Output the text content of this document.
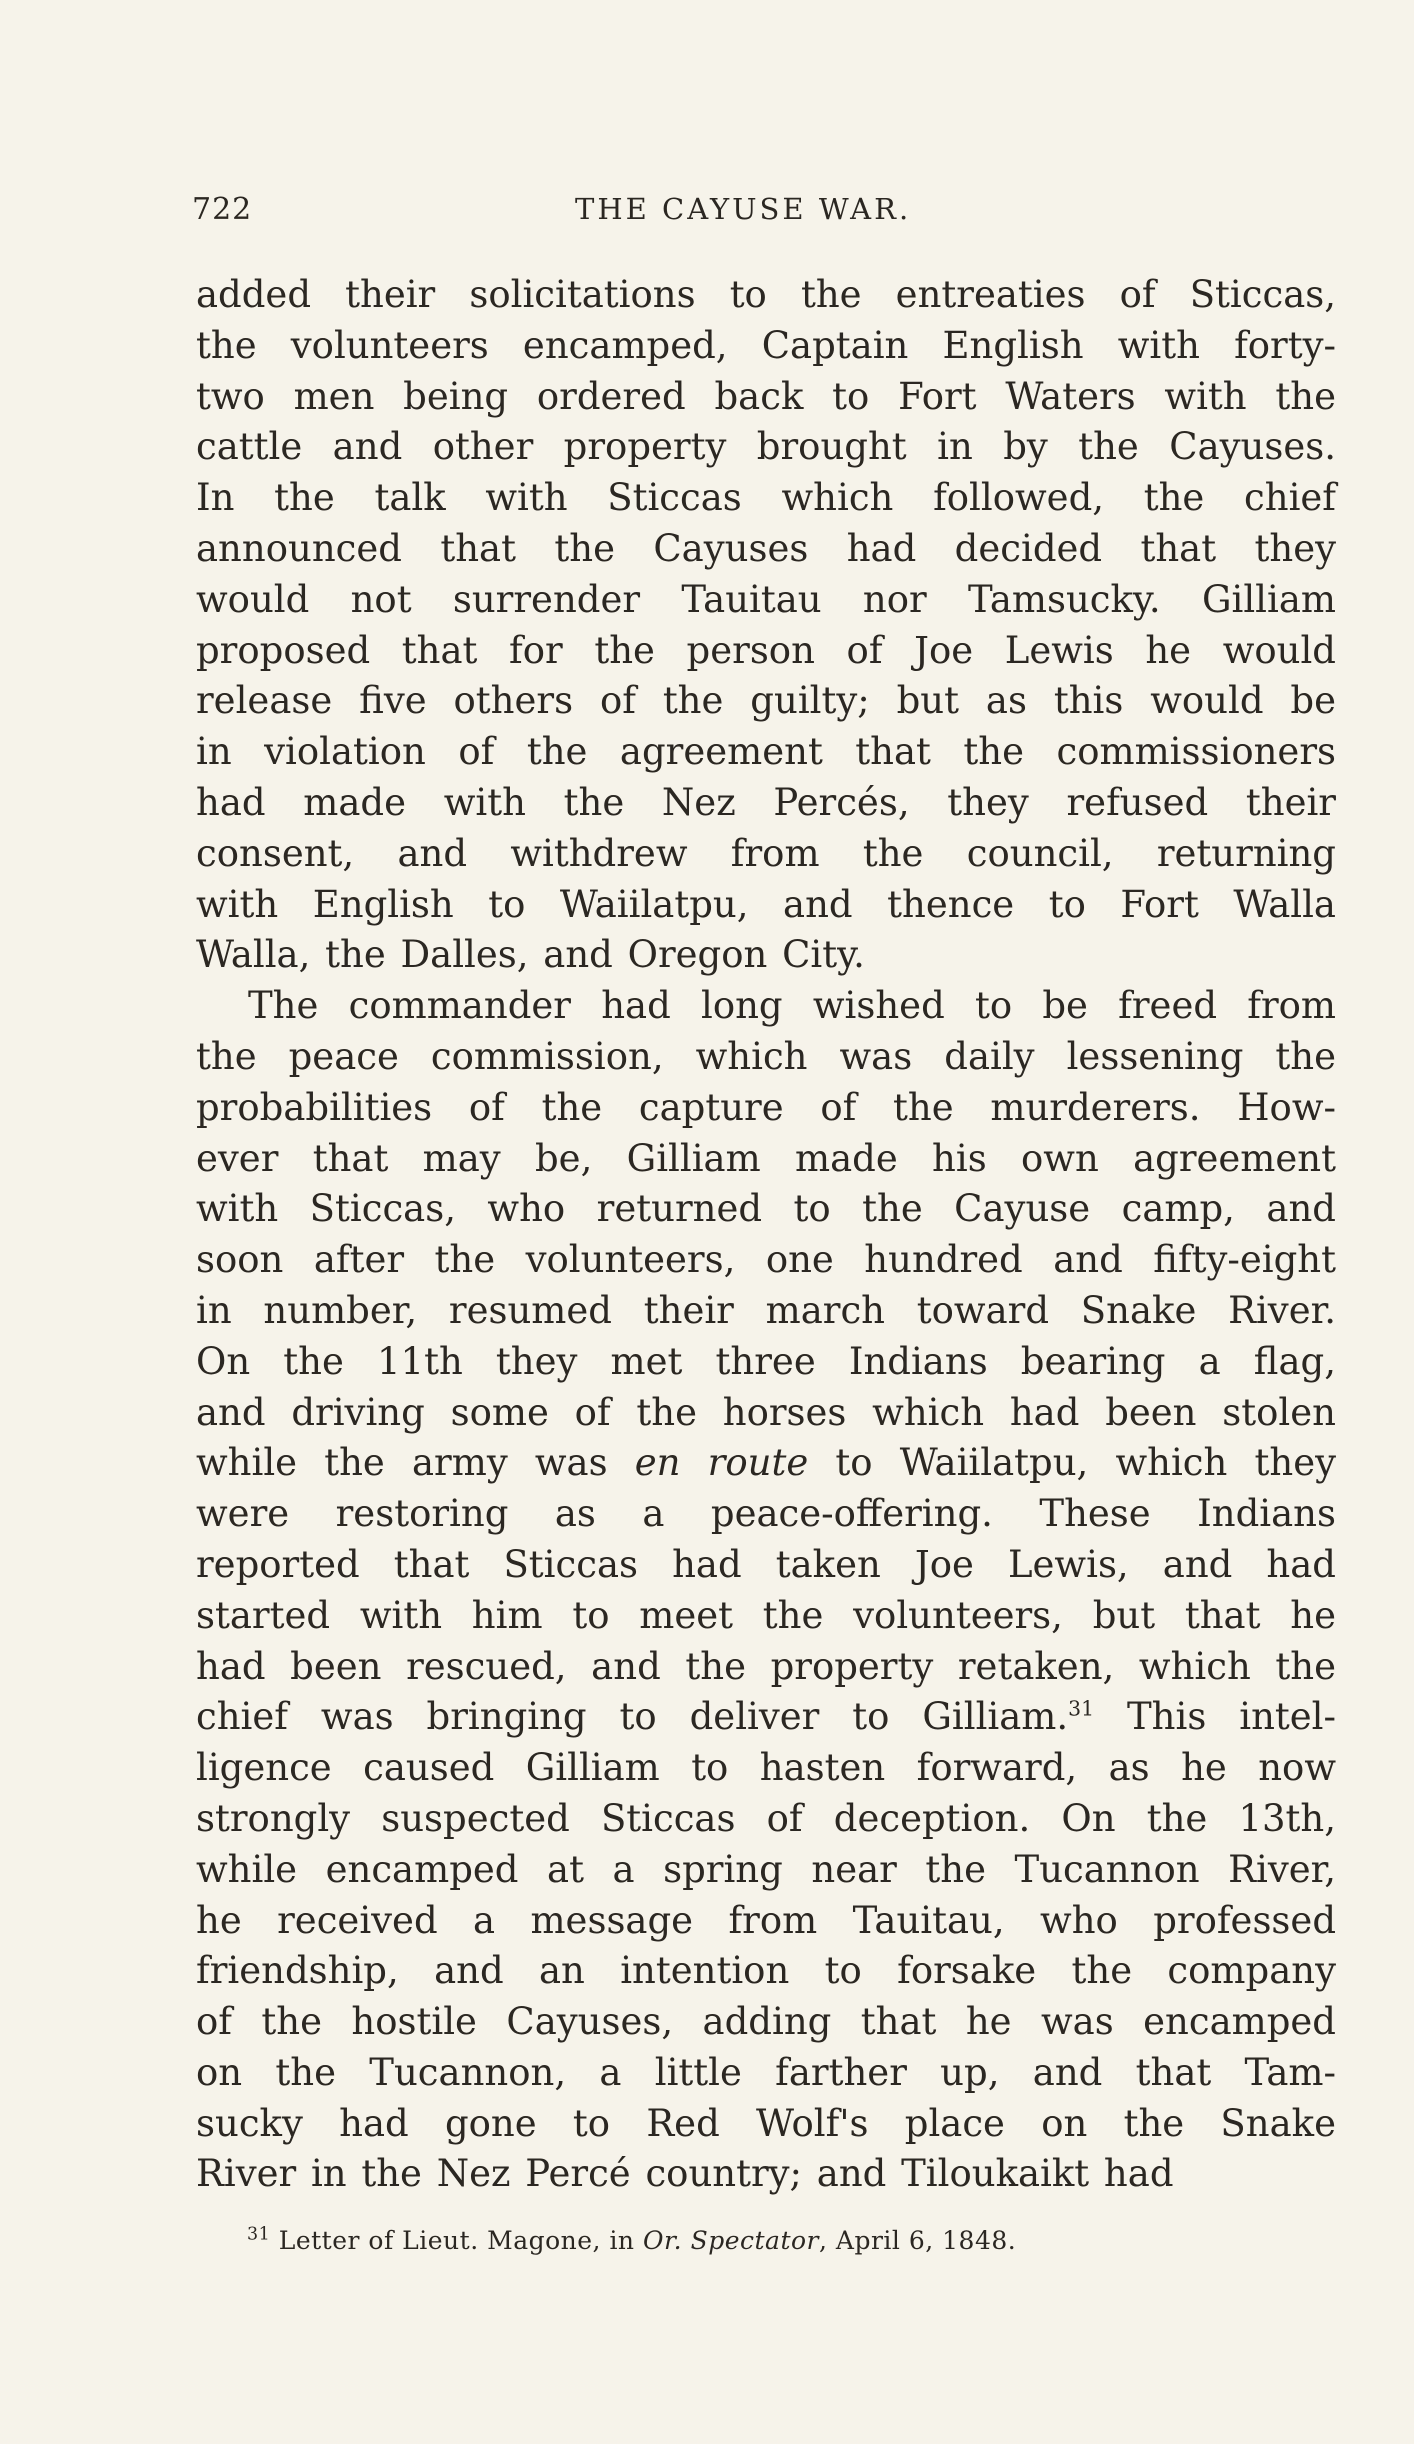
722	THE CAYUSE WAR.
added their solicitations to the entreaties of Sticcas,
the volunteers encamped, Captain English with forty-
two men being ordered back to Fort Waters with the
cattle and other property brought in by the Cayuses.
In the talk with Sticcas which followed, the chief
announced that the Cayuses had decided that they
would not surrender Tauitau nor Tamsucky. Gilliam
proposed that for the person of Joe Lewis he would
release five others of the guilty; but as this would be
in violation of the agreement that the commissioners
had made with the Nez Percés, they refused their
consent, and withdrew from the council, returning
with English to Waiilatpu, and thence to Fort Walla
Walla, the Dalles, and Oregon City.
The commander had long wished to be freed from
the peace commission, which was daily lessening the
probabilities of the capture of the murderers. How-
ever that may be, Gilliam made his own agreement
with Sticcas, who returned to the Cayuse camp, and
soon after the volunteers, one hundred and fifty-eight
in number, resumed their march toward Snake River.
On the 11th they met three Indians bearing a flag,
and driving some of the horses which had been stolen
while the army was en route to Waiilatpu, which they
were restoring as a peace-offering. These Indians
reported that Sticcas had taken Joe Lewis, and had
started with him to meet the volunteers, but that he
had been rescued, and the property retaken, which the
chief was bringing to deliver to Gilliam.$^{31}$ This intel-
ligence caused Gilliam to hasten forward, as he now
strongly suspected Sticcas of deception. On the 13th,
while encamped at a spring near the Tucannon River,
he received a message from Tauitau, who professed
friendship, and an intention to forsake the company
of the hostile Cayuses, adding that he was encamped
on the Tucannon, a little farther up, and that Tam-
sucky had gone to Red Wolf's place on the Snake
River in the Nez Percé country; and Tiloukaikt had
$^{31}$ Letter of Lieut. Magone, in Or. Spectator, April 6, 1848.
